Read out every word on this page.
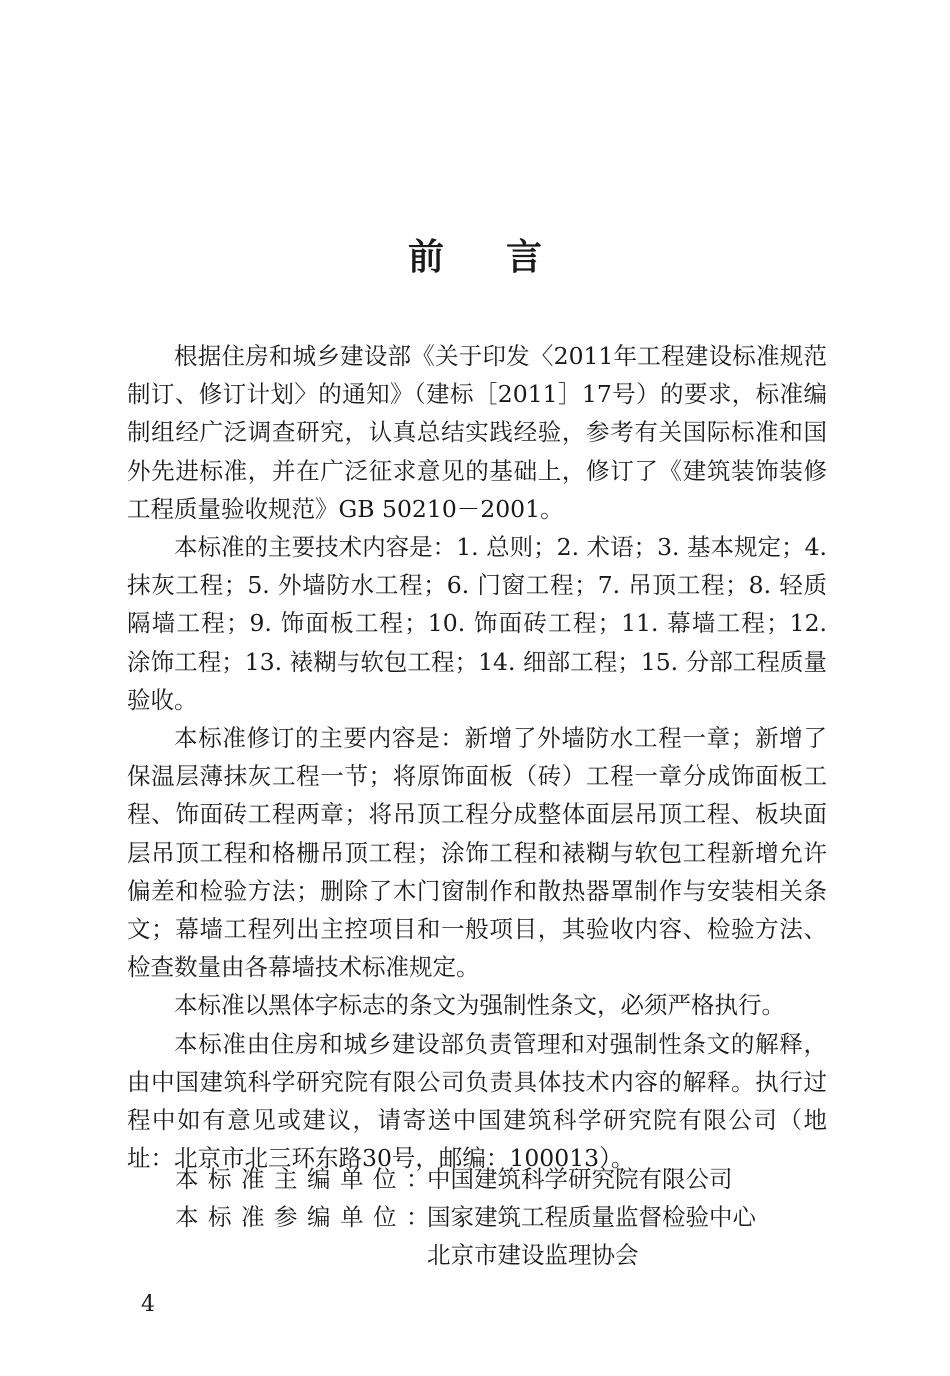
前言

根据住房和城乡建设部《关于印发〈2011年工程建设标准规范制订、修订计划〉的通知》（建标［2011］17号）的要求，标准编制组经广泛调查研究，认真总结实践经验，参考有关国际标准和国外先进标准，并在广泛征求意见的基础上，修订了《建筑装饰装修工程质量验收规范》GB 50210－2001。

本标准的主要技术内容是：1. 总则；2. 术语；3. 基本规定；4. 抹灰工程；5. 外墙防水工程；6. 门窗工程；7. 吊顶工程；8. 轻质隔墙工程；9. 饰面板工程；10. 饰面砖工程；11. 幕墙工程；12. 涂饰工程；13. 裱糊与软包工程；14. 细部工程；15. 分部工程质量验收。

本标准修订的主要内容是：新增了外墙防水工程一章；新增了保温层薄抹灰工程一节；将原饰面板（砖）工程一章分成饰面板工程、饰面砖工程两章；将吊顶工程分成整体面层吊顶工程、板块面层吊顶工程和格栅吊顶工程；涂饰工程和裱糊与软包工程新增允许偏差和检验方法；删除了木门窗制作和散热器罩制作与安装相关条文；幕墙工程列出主控项目和一般项目，其验收内容、检验方法、检查数量由各幕墙技术标准规定。

本标准以黑体字标志的条文为强制性条文，必须严格执行。

本标准由住房和城乡建设部负责管理和对强制性条文的解释，由中国建筑科学研究院有限公司负责具体技术内容的解释。执行过程中如有意见或建议，请寄送中国建筑科学研究院有限公司（地址：北京市北三环东路30号，邮编：100013）。

本标准主编单位：
中国建筑科学研究院有限公司
本标准参编单位：
国家建筑工程质量监督检验中心
北京市建设监理协会
4
